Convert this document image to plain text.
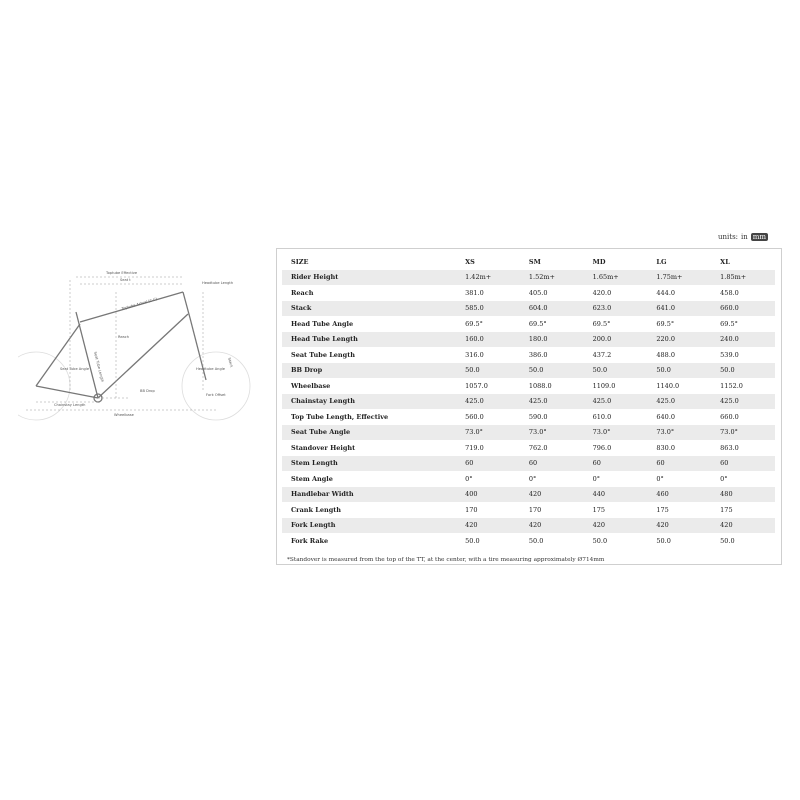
units: in mm
Toptube Effective
Seat t
Headtube Length
Toptube Actual (C-C)
Reach
Stack
Seat Tube Length
Seat Tube Angle	Headtube Angle
BB Drop
Fork Offset
Chainstay Length
Wheelbase
SIZE	XS	SM	MD	LG	XL
Rider Height	1.42m+	1.52m+	1.65m+	1.75m+	1.85m+
Reach	381.0	405.0	420.0	444.0	458.0
Stack	585.0	604.0	623.0	641.0	660.0
Head Tube Angle	69.5°	69.5°	69.5°	69.5°	69.5°
Head Tube Length	160.0	180.0	200.0	220.0	240.0
Seat Tube Length	316.0	386.0	437.2	488.0	539.0
BB Drop	50.0	50.0	50.0	50.0	50.0
Wheelbase	1057.0	1088.0	1109.0	1140.0	1152.0
Chainstay Length	425.0	425.0	425.0	425.0	425.0
Top Tube Length, Effective	560.0	590.0	610.0	640.0	660.0
Seat Tube Angle	73.0°	73.0°	73.0°	73.0°	73.0°
Standover Height	719.0	762.0	796.0	830.0	863.0
Stem Length	60	60	60	60	60
Stem Angle	0°	0°	0°	0°	0°
Handlebar Width	400	420	440	460	480
Crank Length	170	170	175	175	175
Fork Length	420	420	420	420	420
Fork Rake	50.0	50.0	50.0	50.0	50.0
*Standover is measured from the top of the TT, at the center, with a tire measuring approximately Ø714mm
